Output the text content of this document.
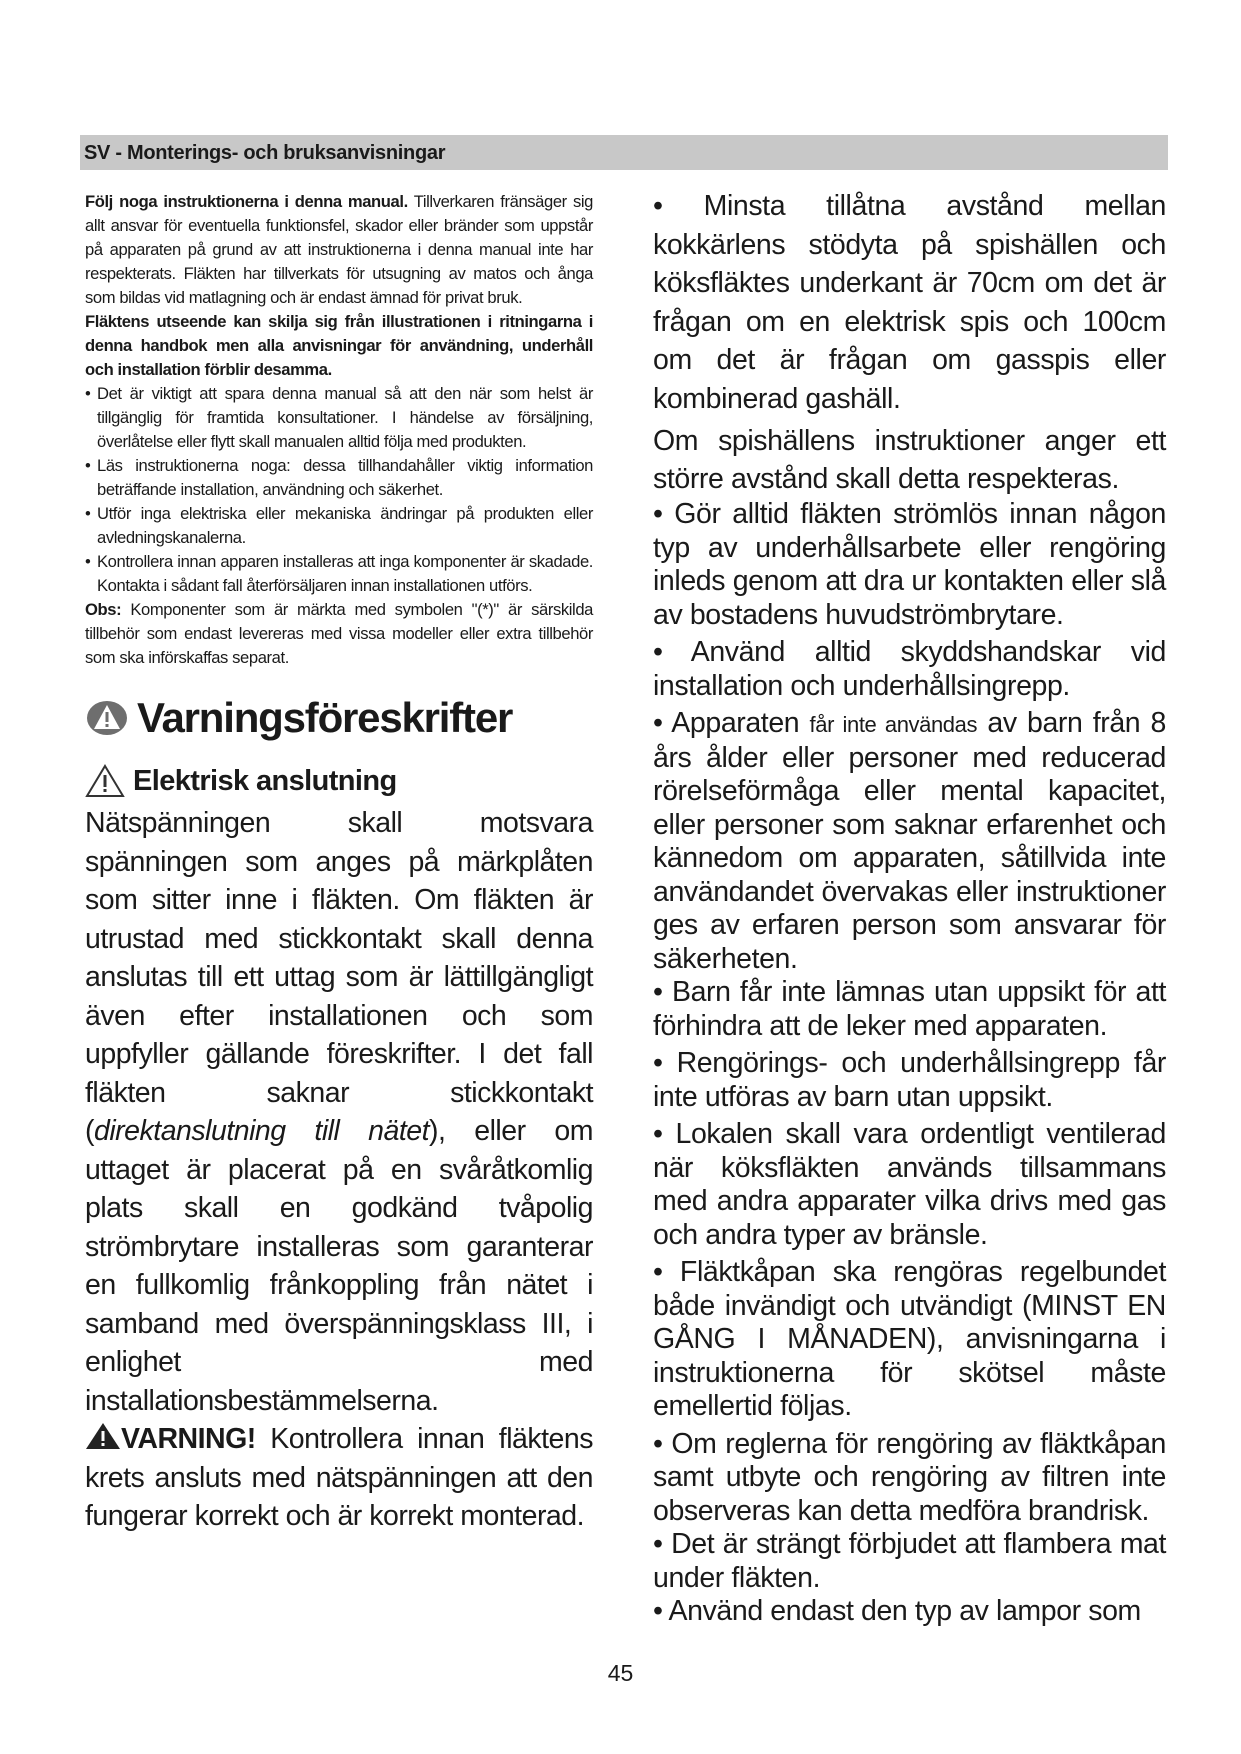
SV - Monterings- och bruksanvisningar

Följ noga instruktionerna i denna manual. Tillverkaren fränsäger sig allt ansvar för eventuella funktionsfel, skador eller bränder som uppstår på apparaten på grund av att instruktionerna i denna manual inte har respekterats. Fläkten har tillverkats för utsugning av matos och ånga som bildas vid matlagning och är endast ämnad för privat bruk.

Fläktens utseende kan skilja sig från illustrationen i ritningarna i denna handbok men alla anvisningar för användning, underhåll och installation förblir desamma.

• Det är viktigt att spara denna manual så att den när som helst är tillgänglig för framtida konsultationer. I händelse av försäljning, överlåtelse eller flytt skall manualen alltid följa med produkten.
• Läs instruktionerna noga: dessa tillhandahåller viktig information beträffande installation, användning och säkerhet.
• Utför inga elektriska eller mekaniska ändringar på produkten eller avledningskanalerna.
• Kontrollera innan apparen installeras att inga komponenter är skadade. Kontakta i sådant fall återförsäljaren innan installationen utförs.

Obs: Komponenter som är märkta med symbolen "(*)" är särskilda tillbehör som endast levereras med vissa modeller eller extra tillbehör som ska införskaffas separat.

Varningsföreskrifter
Elektrisk anslutning

Nätspänningen skall motsvara spänningen som anges på märkplåten som sitter inne i fläkten. Om fläkten är utrustad med stickkontakt skall denna anslutas till ett uttag som är lättillgängligt även efter installationen och som uppfyller gällande föreskrifter. I det fall fläkten saknar stickkontakt (direktanslutning till nätet), eller om uttaget är placerat på en svåråtkomlig plats skall en godkänd tvåpolig strömbrytare installeras som garanterar en fullkomlig frånkoppling från nätet i samband med överspänningsklass III, i enlighet med installationsbestämmelserna.

VARNING! Kontrollera innan fläktens krets ansluts med nätspänningen att den fungerar korrekt och är korrekt monterad.

• Minsta tillåtna avstånd mellan kokkärlens stödyta på spishällen och köksfläktes underkant är 70cm om det är frågan om en elektrisk spis och 100cm om det är frågan om gasspis eller kombinerad gashäll.

Om spishällens instruktioner anger ett större avstånd skall detta respekteras.

• Gör alltid fläkten strömlös innan någon typ av underhållsarbete eller rengöring inleds genom att dra ur kontakten eller slå av bostadens huvudströmbrytare.

• Använd alltid skyddshandskar vid installation och underhållsingrepp.

• Apparaten får inte användas av barn från 8 års ålder eller personer med reducerad rörelseförmåga eller mental kapacitet, eller personer som saknar erfarenhet och kännedom om apparaten, såtillvida inte användandet övervakas eller instruktioner ges av erfaren person som ansvarar för säkerheten.

• Barn får inte lämnas utan uppsikt för att förhindra att de leker med apparaten.

• Rengörings- och underhållsingrepp får inte utföras av barn utan uppsikt.

• Lokalen skall vara ordentligt ventilerad när köksfläkten används tillsammans med andra apparater vilka drivs med gas och andra typer av bränsle.

• Fläktkåpan ska rengöras regelbundet både invändigt och utvändigt (MINST EN GÅNG I MÅNADEN), anvisningarna i instruktionerna för skötsel måste emellertid följas.

• Om reglerna för rengöring av fläktkåpan samt utbyte och rengöring av filtren inte observeras kan detta medföra brandrisk.

• Det är strängt förbjudet att flambera mat under fläkten.

• Använd endast den typ av lampor som

45
